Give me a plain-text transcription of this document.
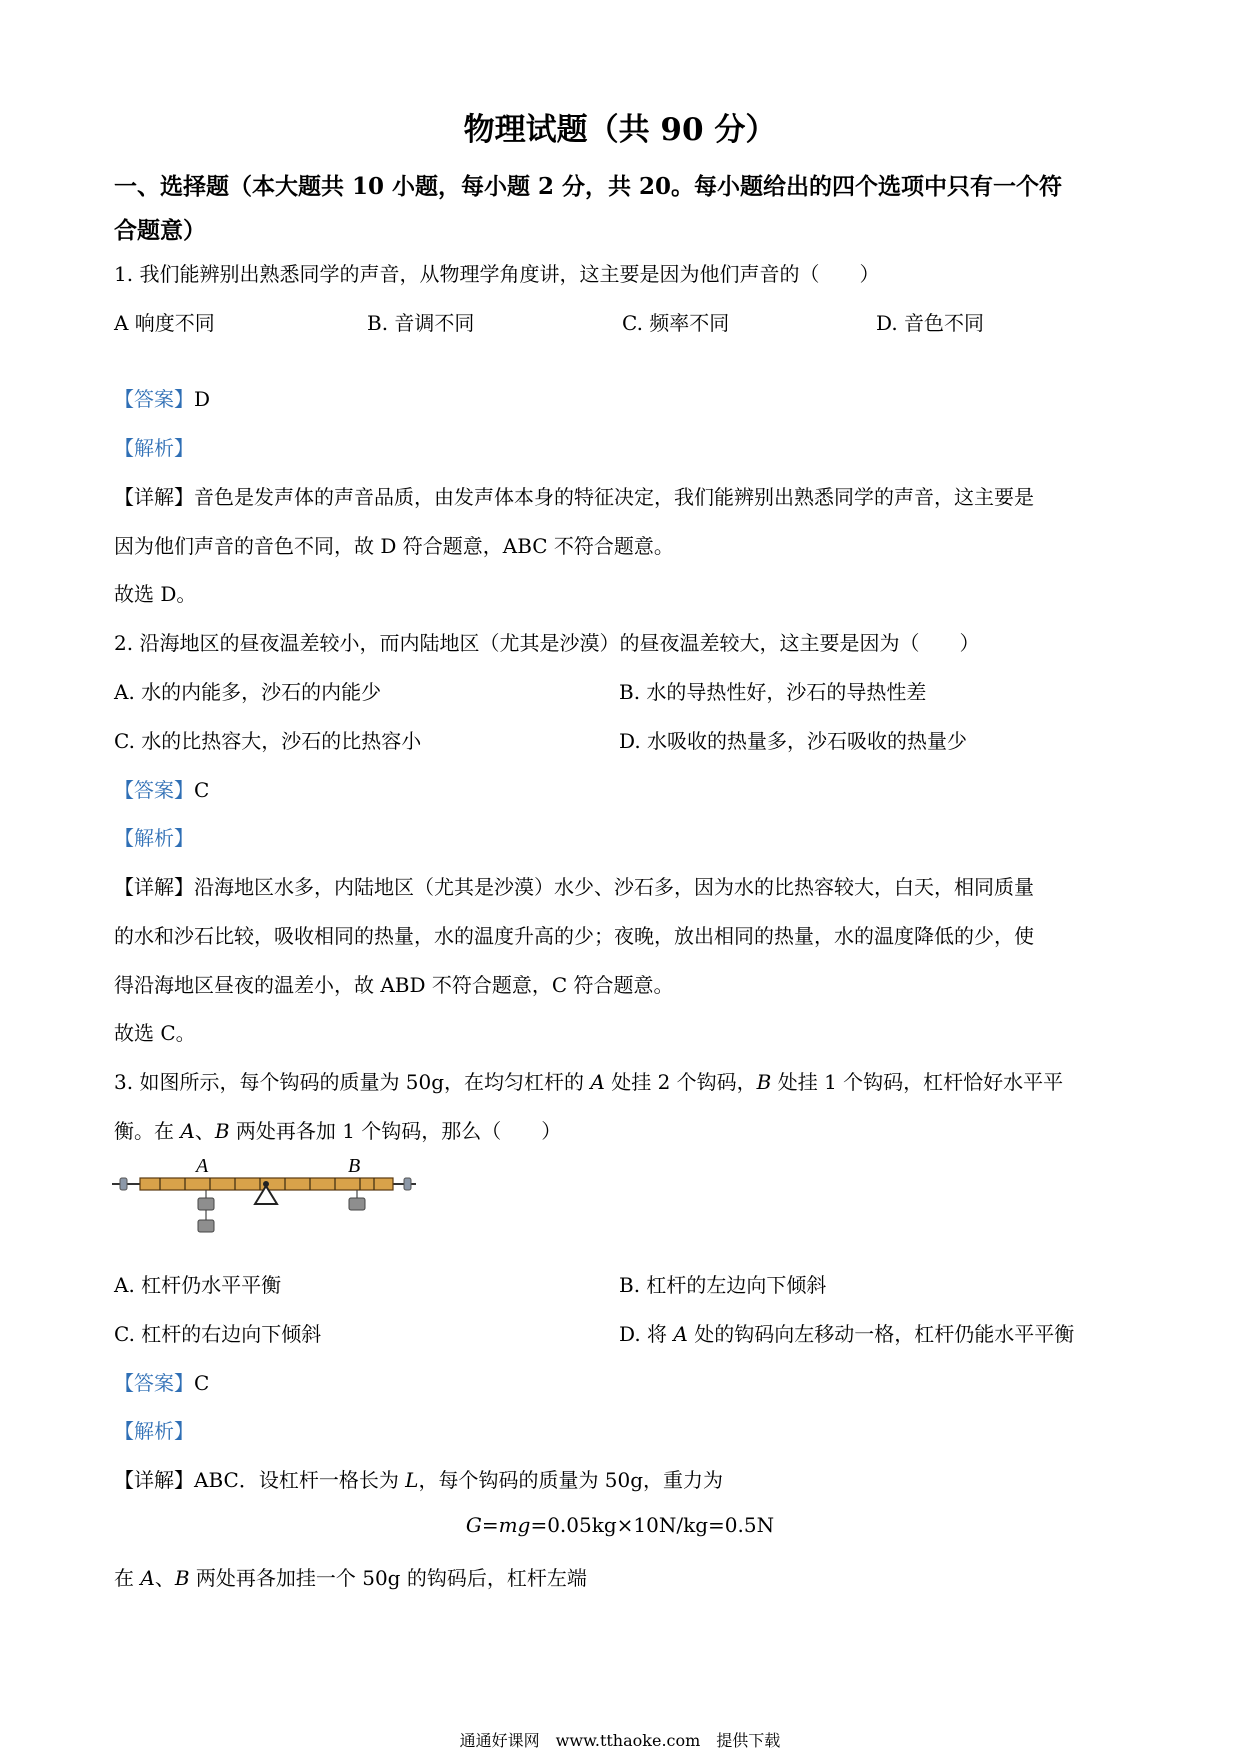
物理试题（共 90 分）
一、选择题（本大题共 10 小题，每小题 2 分，共 20。每小题给出的四个选项中只有一个符
合题意）
1. 我们能辨别出熟悉同学的声音，从物理学角度讲，这主要是因为他们声音的（　　）
A 响度不同	B. 音调不同	C. 频率不同	D. 音色不同
【答案】D
【解析】
【详解】音色是发声体的声音品质，由发声体本身的特征决定，我们能辨别出熟悉同学的声音，这主要是
因为他们声音的音色不同，故 D 符合题意，ABC 不符合题意。
故选 D。
2. 沿海地区的昼夜温差较小，而内陆地区（尤其是沙漠）的昼夜温差较大，这主要是因为（　　）
A. 水的内能多，沙石的内能少	B. 水的导热性好，沙石的导热性差
C. 水的比热容大，沙石的比热容小	D. 水吸收的热量多，沙石吸收的热量少
【答案】C
【解析】
【详解】沿海地区水多，内陆地区（尤其是沙漠）水少、沙石多，因为水的比热容较大，白天，相同质量
的水和沙石比较，吸收相同的热量，水的温度升高的少；夜晚，放出相同的热量，水的温度降低的少，使
得沿海地区昼夜的温差小，故 ABD 不符合题意，C 符合题意。
故选 C。
3. 如图所示，每个钩码的质量为 50g，在均匀杠杆的 A 处挂 2 个钩码，B 处挂 1 个钩码，杠杆恰好水平平
衡。在 A、B 两处再各加 1 个钩码，那么（　　）
A	B
A. 杠杆仍水平平衡	B. 杠杆的左边向下倾斜
C. 杠杆的右边向下倾斜	D. 将 A 处的钩码向左移动一格，杠杆仍能水平平衡
【答案】C
【解析】
【详解】ABC．设杠杆一格长为 L，每个钩码的质量为 50g，重力为
G=mg=0.05kg×10N/kg=0.5N
在 A、B 两处再各加挂一个 50g 的钩码后，杠杆左端
通通好课网　www.tthaoke.com　提供下载
